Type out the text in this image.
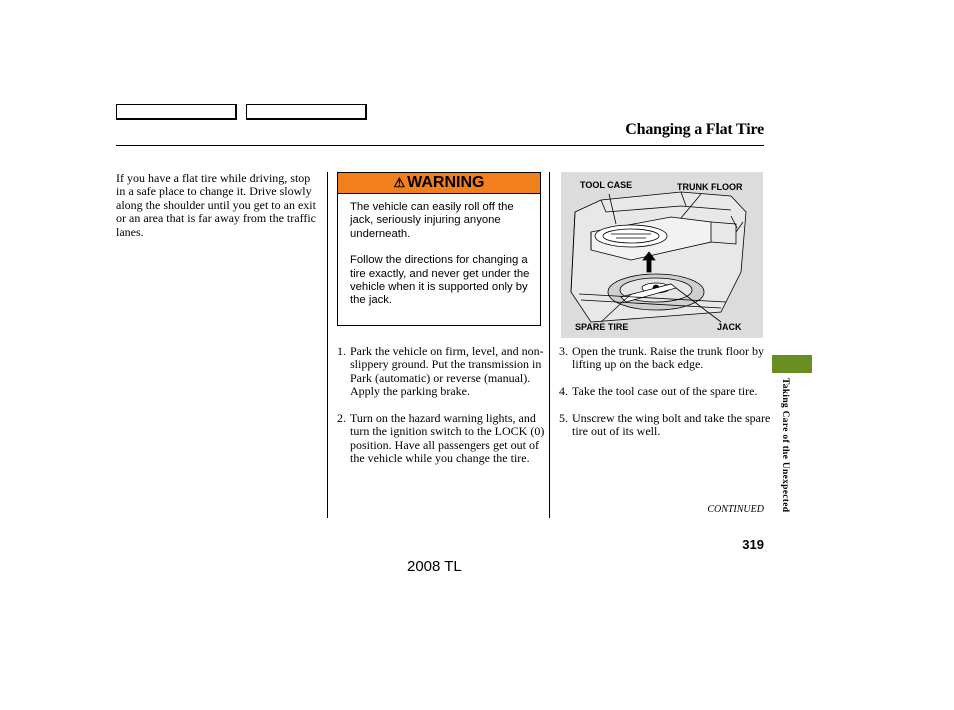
Changing a Flat Tire
If you have a flat tire while driving, stop in a safe place to change it. Drive slowly along the shoulder until you get to an exit or an area that is far away from the traffic lanes.
⚠ WARNING

The vehicle can easily roll off the jack, seriously injuring anyone underneath.

Follow the directions for changing a tire exactly, and never get under the vehicle when it is supported only by the jack.

TOOL CASE	TRUNK FLOOR
SPARE TIRE	JACK
1. Park the vehicle on firm, level, and non-slippery ground. Put the transmission in Park (automatic) or reverse (manual). Apply the parking brake.
2. Turn on the hazard warning lights, and turn the ignition switch to the LOCK (0) position. Have all passengers get out of the vehicle while you change the tire.
3. Open the trunk. Raise the trunk floor by lifting up on the back edge.
4. Take the tool case out of the spare tire.
5. Unscrew the wing bolt and take the spare tire out of its well.	Taking Care of the Unexpected
CONTINUED
319
2008 TL
